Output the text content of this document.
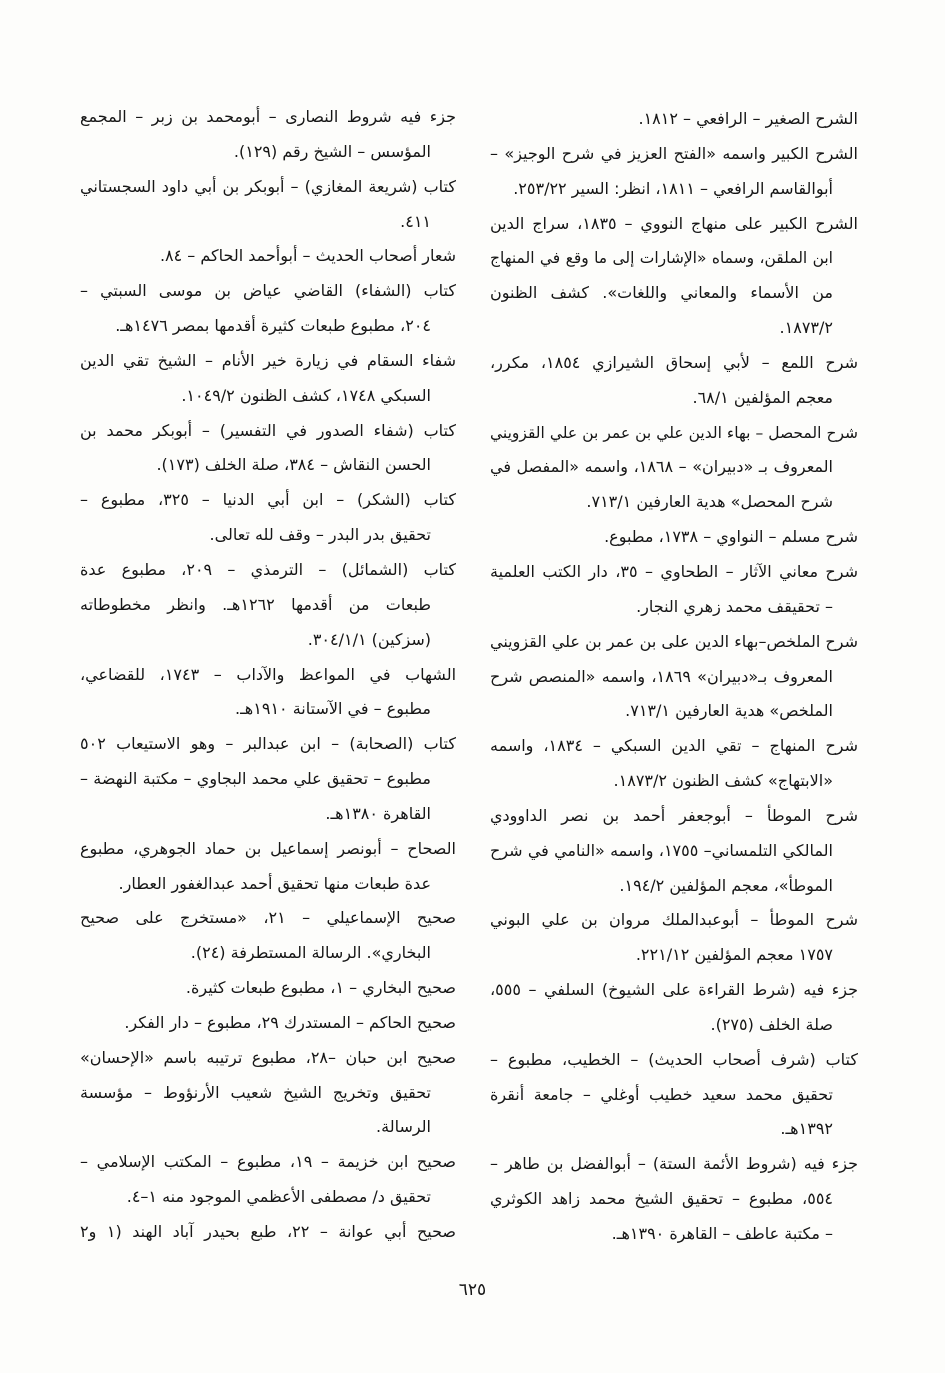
الشرح الصغير – الرافعي – ١٨١٢.
الشرح الكبير واسمه «الفتح العزيز في شرح الوجيز» –
أبوالقاسم الرافعي – ١٨١١، انظر: السير ٢٥٣/٢٢.
الشرح الكبير على منهاج النووي – ١٨٣٥، سراج الدين
ابن الملقن، وسماه «الإشارات إلى ما وقع في المنهاج
من الأسماء والمعاني واللغات». كشف الظنون
١٨٧٣/٢.
شرح اللمع – لأبي إسحاق الشيرازي ١٨٥٤، مكرر،
معجم المؤلفين ٦٨/١.
شرح المحصل – بهاء الدين علي بن عمر بن علي القزويني
المعروف بـ «دبيران» – ١٨٦٨، واسمه «المفصل في
شرح المحصل» هدية العارفين ٧١٣/١.
شرح مسلم – النواوي – ١٧٣٨، مطبوع.
شرح معاني الآثار – الطحاوي – ٣٥، دار الكتب العلمية
– تحقيقف محمد زهري النجار.
شرح الملخص–بهاء الدين على بن عمر بن علي القزويني
المعروف بـ«دبيران» ١٨٦٩، واسمه «المنصص شرح
الملخص» هدية العارفين ٧١٣/١.
شرح المنهاج – تقي الدين السبكي – ١٨٣٤، واسمه
«الابتهاج» كشف الظنون ١٨٧٣/٢.
شرح الموطأ – أبوجعفر أحمد بن نصر الداوودي
المالكي التلمساني– ١٧٥٥، واسمه «النامي في شرح
الموطأ»، معجم المؤلفين ١٩٤/٢.
شرح الموطأ – أبوعبدالملك مروان بن علي البوني
١٧٥٧ معجم المؤلفين ٢٢١/١٢.
جزء فيه (شرط القراءة على الشيوخ) السلفي – ٥٥٥،
صلة الخلف (٢٧٥).
كتاب (شرف أصحاب الحديث) – الخطيب، مطبوع –
تحقيق محمد سعيد خطيب أوغلي – جامعة أنقرة
١٣٩٢هـ.
جزء فيه (شروط الأئمة الستة) – أبوالفضل بن طاهر –
٥٥٤، مطبوع – تحقيق الشيخ محمد زاهد الكوثري
– مكتبة عاطف – القاهرة ١٣٩٠هـ.
جزء فيه شروط النصارى – أبومحمد بن زبر – المجمع
المؤسس – الشيخ رقم (١٢٩).
كتاب (شريعة المغازي) – أبوبكر بن أبي داود السجستاني
٤١١.
شعار أصحاب الحديث – أبوأحمد الحاكم – ٨٤.
كتاب (الشفاء) القاضي عياض بن موسى السبتي –
٢٠٤، مطبوع طبعات كثيرة أقدمها بمصر ١٤٧٦هـ.
شفاء السقام في زيارة خير الأنام – الشيخ تقي الدين
السبكي ١٧٤٨، كشف الظنون ١٠٤٩/٢.
كتاب (شفاء الصدور في التفسير) – أبوبكر محمد بن
الحسن النقاش – ٣٨٤، صلة الخلف (١٧٣).
كتاب (الشكر) – ابن أبي الدنيا – ٣٢٥، مطبوع –
تحقيق بدر البدر – وقف لله تعالى.
كتاب (الشمائل) – الترمذي – ٢٠٩، مطبوع عدة
طبعات من أقدمها ١٢٦٢هـ. وانظر مخطوطاته
(سزكين) ٣٠٤/١/١.
الشهاب في المواعظ والآداب – ١٧٤٣، للقضاعي،
مطبوع – في الآستانة ١٩١٠هـ.
كتاب (الصحابة) – ابن عبدالبر – وهو الاستيعاب ٥٠٢
مطبوع – تحقيق علي محمد البجاوي – مكتبة النهضة –
القاهرة ١٣٨٠هـ.
الصحاح – أبونصر إسماعيل بن حماد الجوهري، مطبوع
عدة طبعات منها تحقيق أحمد عبدالغفور العطار.
صحيح الإسماعيلي – ٢١، «مستخرج على صحيح
البخاري». الرسالة المستطرفة (٢٤).
صحيح البخاري – ١، مطبوع طبعات كثيرة.
صحيح الحاكم – المستدرك ٢٩، مطبوع – دار الفكر.
صحيح ابن حبان –٢٨، مطبوع ترتيبه باسم «الإحسان»
تحقيق وتخريج الشيخ شعيب الأرنؤوط – مؤسسة
الرسالة.
صحيح ابن خزيمة – ١٩، مطبوع – المكتب الإسلامي –
تحقيق د/ مصطفى الأعظمي الموجود منه ١–٤.
صحيح أبي عوانة – ٢٢، طبع بحيدر آباد الهند (١ و٢
٦٢٥
